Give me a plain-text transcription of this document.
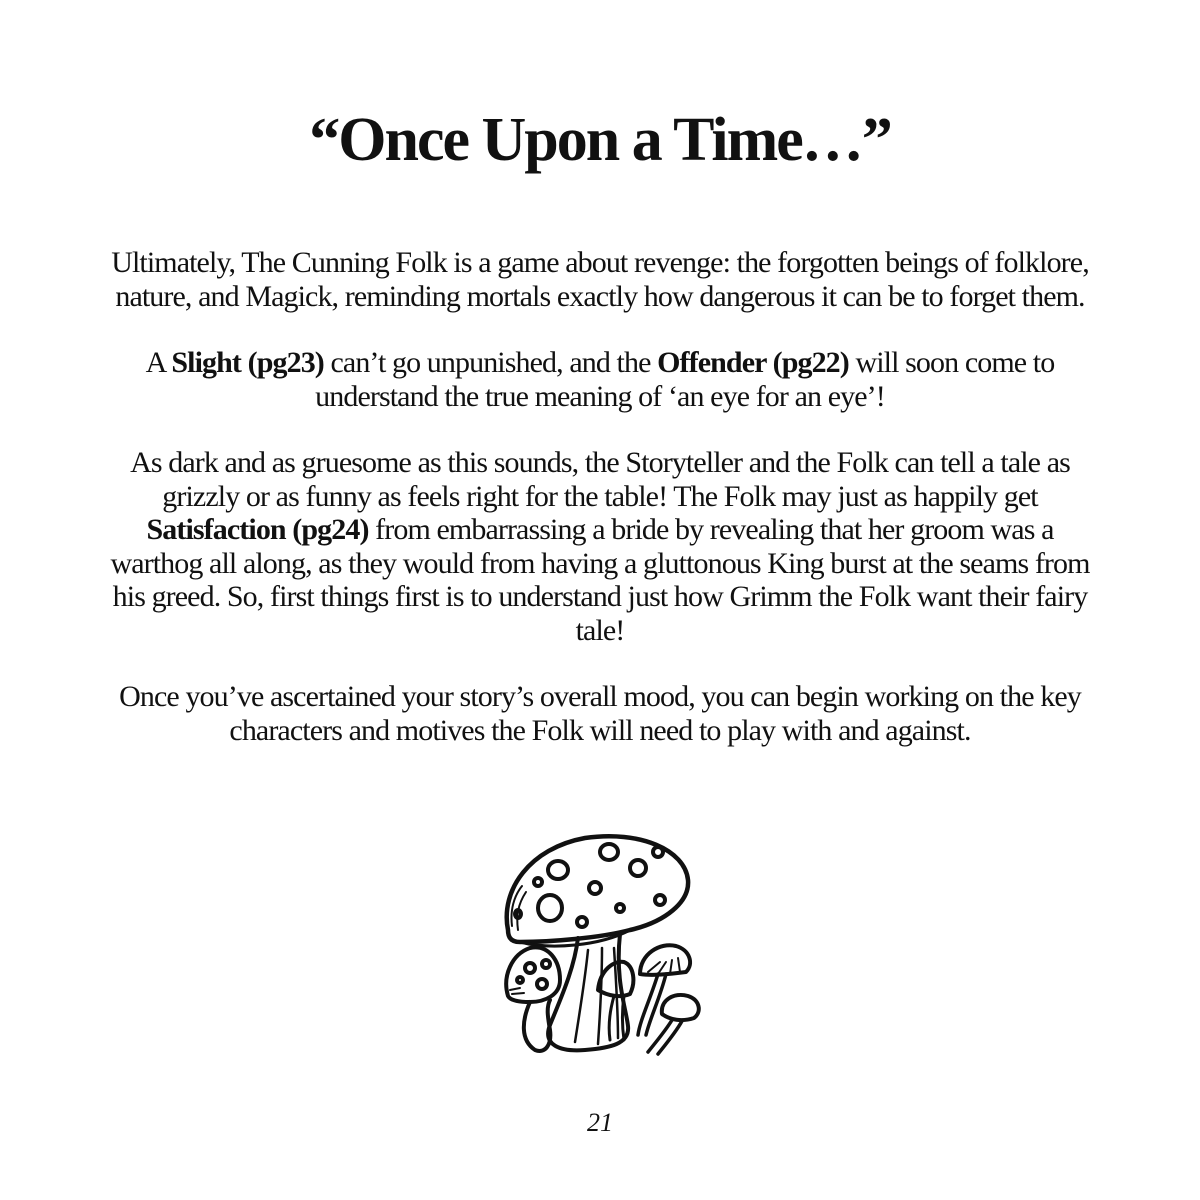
“Once Upon a Time…”

Ultimately, The Cunning Folk is a game about revenge: the forgotten beings of folklore, nature, and Magick, reminding mortals exactly how dangerous it can be to forget them.

A Slight (pg23) can’t go unpunished, and the Offender (pg22) will soon come to understand the true meaning of ‘an eye for an eye’!

As dark and as gruesome as this sounds, the Storyteller and the Folk can tell a tale as grizzly or as funny as feels right for the table! The Folk may just as happily get Satisfaction (pg24) from embarrassing a bride by revealing that her groom was a warthog all along, as they would from having a gluttonous King burst at the seams from his greed. So, first things first is to understand just how Grimm the Folk want their fairy tale!

Once you’ve ascertained your story’s overall mood, you can begin working on the key characters and motives the Folk will need to play with and against.

21
